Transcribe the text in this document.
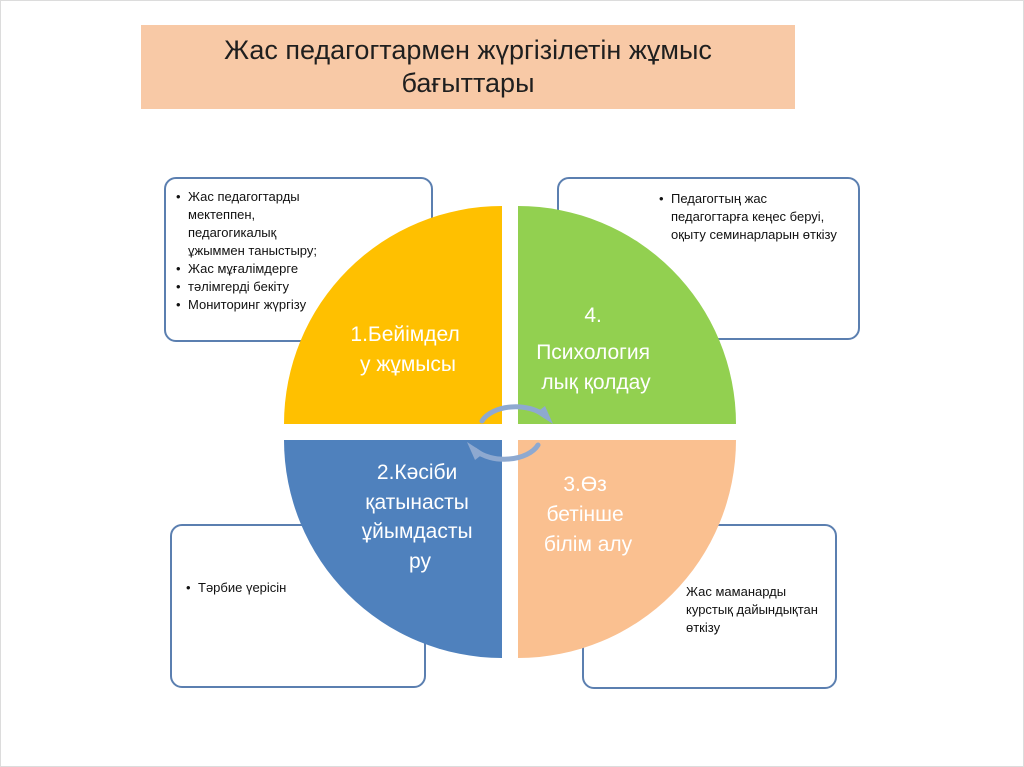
Жас педагогтармен жүргізілетін жұмыс бағыттары
• Жас педагогтарды мектеппен, педагогикалық ұжыммен таныстыру;
• Жас мұғалімдерге
• тәлімгерді бекіту
• Мониторинг жүргізу
• Педагогтың жас педагогтарға кеңес беруі, оқыту семинарларын өткізу
• Тәрбие үерісін	Жас маманарды курстық дайындықтан өткізу
1.Бейімдел у жұмысы
4. Психология лық қолдау
2.Кәсіби қатынасты ұйымдасты ру
3.Өз бетінше білім алу
